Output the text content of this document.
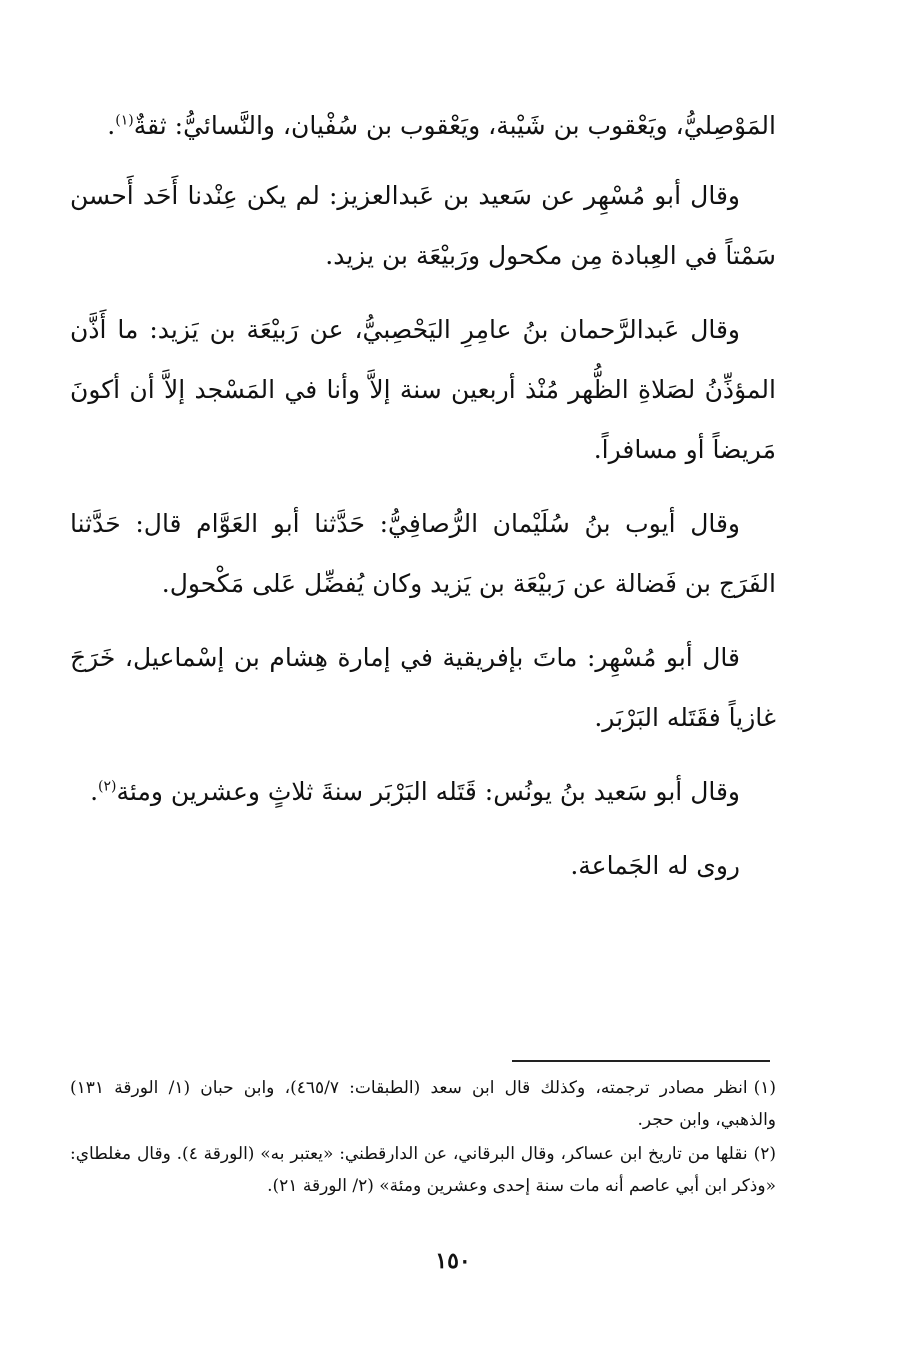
المَوْصِليُّ، ويَعْقوب بن شَيْبة، ويَعْقوب بن سُفْيان، والنَّسائيُّ: ثقةٌ$^{(١)}$.

وقال أبو مُسْهِر عن سَعيد بن عَبدالعزيز: لم يكن عِنْدنا أَحَد أَحسن سَمْتاً في العِبادة مِن مكحول ورَبيْعَة بن يزيد.

وقال عَبدالرَّحمان بنُ عامِرِ اليَحْصِبيُّ، عن رَبيْعَة بن يَزيد: ما أَذَّن المؤذِّنُ لصَلاةِ الظُّهر مُنْذ أربعين سنة إلاَّ وأنا في المَسْجد إلاَّ أن أكونَ مَريضاً أو مسافراً.

وقال أيوب بنُ سُلَيْمان الرُّصافِيُّ: حَدَّثنا أبو العَوَّام قال: حَدَّثنا الفَرَج بن فَضالة عن رَبيْعَة بن يَزيد وكان يُفضِّل عَلى مَكْحول.

قال أبو مُسْهِر: ماتَ بإفريقية في إمارة هِشام بن إسْماعيل، خَرَجَ غازياً فقَتَله البَرْبَر.

وقال أبو سَعيد بنُ يونُس: قَتَله البَرْبَر سنةَ ثلاثٍ وعشرين ومئة$^{(٢)}$.

روى له الجَماعة.

(١)انظر مصادر ترجمته، وكذلك قال ابن سعد (الطبقات: ٤٦٥/٧)، وابن حبان (١/ الورقة ١٣١) والذهبي، وابن حجر.

(٢)نقلها من تاريخ ابن عساكر، وقال البرقاني، عن الدارقطني: «يعتبر به» (الورقة ٤). وقال مغلطاي: «وذكر ابن أبي عاصم أنه مات سنة إحدى وعشرين ومئة» (٢/ الورقة ٢١).

١٥٠
